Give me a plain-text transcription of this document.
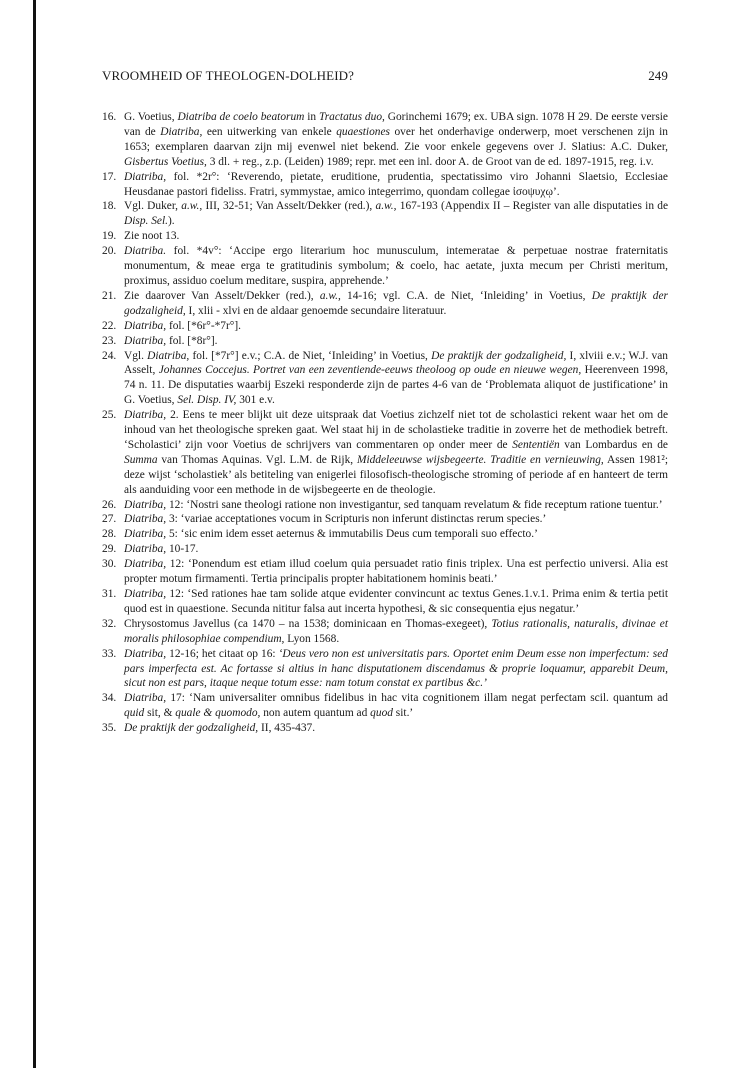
VROOMHEID OF THEOLOGEN-DOLHEID?	249
16. G. Voetius, Diatriba de coelo beatorum in Tractatus duo, Gorinchemi 1679; ex. UBA sign. 1078 H 29. De eerste versie van de Diatriba, een uitwerking van enkele quaestiones over het onderhavige onderwerp, moet verschenen zijn in 1653; exemplaren daarvan zijn mij evenwel niet bekend. Zie voor enkele gegevens over J. Slatius: A.C. Duker, Gisbertus Voetius, 3 dl. + reg., z.p. (Leiden) 1989; repr. met een inl. door A. de Groot van de ed. 1897-1915, reg. i.v.
17. Diatriba, fol. *2r°: ‘Reverendo, pietate, eruditione, prudentia, spectatissimo viro Johanni Slaetsio, Ecclesiae Heusdanae pastori fideliss. Fratri, symmystae, amico integerrimo, quondam collegae ἰσοψυχῳ’.
18. Vgl. Duker, a.w., III, 32-51; Van Asselt/Dekker (red.), a.w., 167-193 (Appendix II – Register van alle disputaties in de Disp. Sel.).
19. Zie noot 13.
20. Diatriba. fol. *4v°: ‘Accipe ergo literarium hoc munusculum, intemeratae & perpetuae nostrae fraternitatis monumentum, & meae erga te gratitudinis symbolum; & coelo, hac aetate, juxta mecum per Christi meritum, proximus, assiduo coelum meditare, suspira, apprehende.’
21. Zie daarover Van Asselt/Dekker (red.), a.w., 14-16; vgl. C.A. de Niet, ‘Inleiding’ in Voetius, De praktijk der godzaligheid, I, xlii - xlvi en de aldaar genoemde secundaire literatuur.
22. Diatriba, fol. [*6r°-*7r°].
23. Diatriba, fol. [*8r°].
24. Vgl. Diatriba, fol. [*7r°] e.v.; C.A. de Niet, ‘Inleiding’ in Voetius, De praktijk der godzaligheid, I, xlviii e.v.; W.J. van Asselt, Johannes Coccejus. Portret van een zeventiende-eeuws theoloog op oude en nieuwe wegen, Heerenveen 1998, 74 n. 11. De disputaties waarbij Eszeki responderde zijn de partes 4-6 van de ‘Problemata aliquot de justificatione’ in G. Voetius, Sel. Disp. IV, 301 e.v.
25. Diatriba, 2. Eens te meer blijkt uit deze uitspraak dat Voetius zichzelf niet tot de scholastici rekent waar het om de inhoud van het theologische spreken gaat. Wel staat hij in de scholastieke traditie in zoverre het de methodiek betreft. ‘Scholastici’ zijn voor Voetius de schrijvers van commentaren op onder meer de Sententiën van Lombardus en de Summa van Thomas Aquinas. Vgl. L.M. de Rijk, Middeleeuwse wijsbegeerte. Traditie en vernieuwing, Assen 1981²; deze wijst ‘scholastiek’ als betiteling van enigerlei filosofisch-theologische stroming of periode af en hanteert de term als aanduiding voor een methode in de wijsbegeerte en de theologie.
26. Diatriba, 12: ‘Nostri sane theologi ratione non investigantur, sed tanquam revelatum & fide receptum ratione tuentur.’
27. Diatriba, 3: ‘variae acceptationes vocum in Scripturis non inferunt distinctas rerum species.’
28. Diatriba, 5: ‘sic enim idem esset aeternus & immutabilis Deus cum temporali suo effecto.’
29. Diatriba, 10-17.
30. Diatriba, 12: ‘Ponendum est etiam illud coelum quia persuadet ratio finis triplex. Una est perfectio universi. Alia est propter motum firmamenti. Tertia principalis propter habitationem hominis beati.’
31. Diatriba, 12: ‘Sed rationes hae tam solide atque evidenter convincunt ac textus Genes.1.v.1. Prima enim & tertia petit quod est in quaestione. Secunda nititur falsa aut incerta hypothesi, & sic consequentia ejus negatur.’
32. Chrysostomus Javellus (ca 1470 – na 1538; dominicaan en Thomas-exegeet), Totius rationalis, naturalis, divinae et moralis philosophiae compendium, Lyon 1568.
33. Diatriba, 12-16; het citaat op 16: ‘Deus vero non est universitatis pars. Oportet enim Deum esse non imperfectum: sed pars imperfecta est. Ac fortasse si altius in hanc disputationem discendamus & proprie loquamur, apparebit Deum, sicut non est pars, itaque neque totum esse: nam totum constat ex partibus &c.’
34. Diatriba, 17: ‘Nam universaliter omnibus fidelibus in hac vita cognitionem illam negat perfectam scil. quantum ad quid sit, & quale & quomodo, non autem quantum ad quod sit.’
35. De praktijk der godzaligheid, II, 435-437.
